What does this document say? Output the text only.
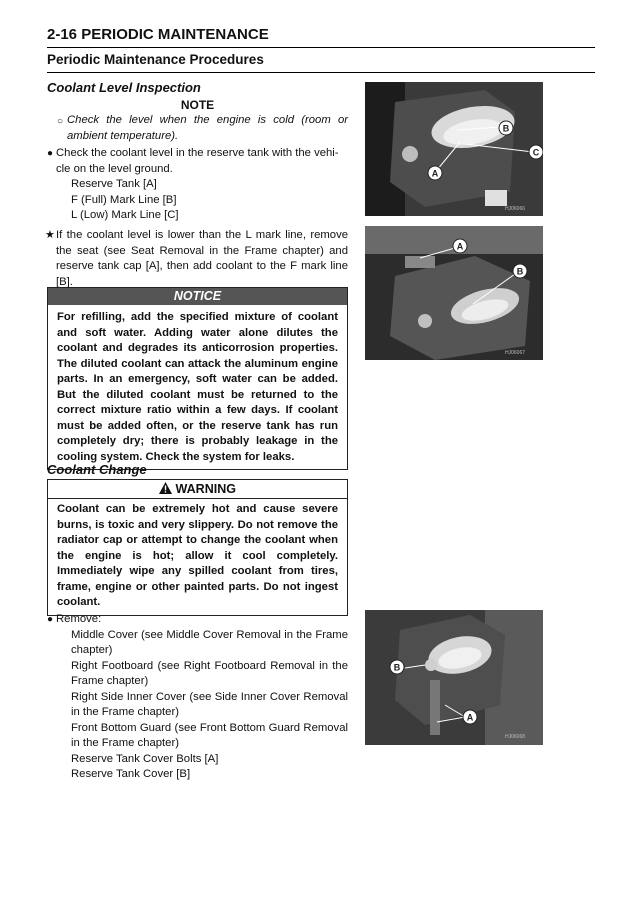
2-16 PERIODIC MAINTENANCE
Periodic Maintenance Procedures
Coolant Level Inspection
NOTE
○ Check the level when the engine is cold (room or ambient temperature).
● Check the coolant level in the reserve tank with the vehi-
cle on the level ground.
Reserve Tank [A]
F (Full) Mark Line [B]
L (Low) Mark Line [C]
★ If the coolant level is lower than the L mark line, remove the seat (see Seat Removal in the Frame chapter) and reserve tank cap [A], then add coolant to the F mark line [B].
NOTICE
For refilling, add the specified mixture of coolant and soft water. Adding water alone dilutes the coolant and degrades its anticorrosion properties. The diluted coolant can attack the aluminum engine parts. In an emergency, soft water can be added. But the diluted coolant must be returned to the correct mixture ratio within a few days. If coolant must be added often, or the reserve tank has run completely dry; there is probably leakage in the cooling system. Check the system for leaks.
Coolant Change
WARNING
Coolant can be extremely hot and cause severe burns, is toxic and very slippery. Do not remove the radiator cap or attempt to change the coolant when the engine is hot; allow it cool completely. Immediately wipe any spilled coolant from tires, frame, engine or other painted parts. Do not ingest coolant.
● Remove:
Middle Cover (see Middle Cover Removal in the Frame chapter)
Right Footboard (see Right Footboard Removal in the Frame chapter)
Right Side Inner Cover (see Side Inner Cover Removal in the Frame chapter)
Front Bottom Guard (see Front Bottom Guard Removal in the Frame chapter)
Reserve Tank Cover Bolts [A]
Reserve Tank Cover [B]
B
C
A
HJ06066
A
B
HJ06067
B
A
HJ06068
